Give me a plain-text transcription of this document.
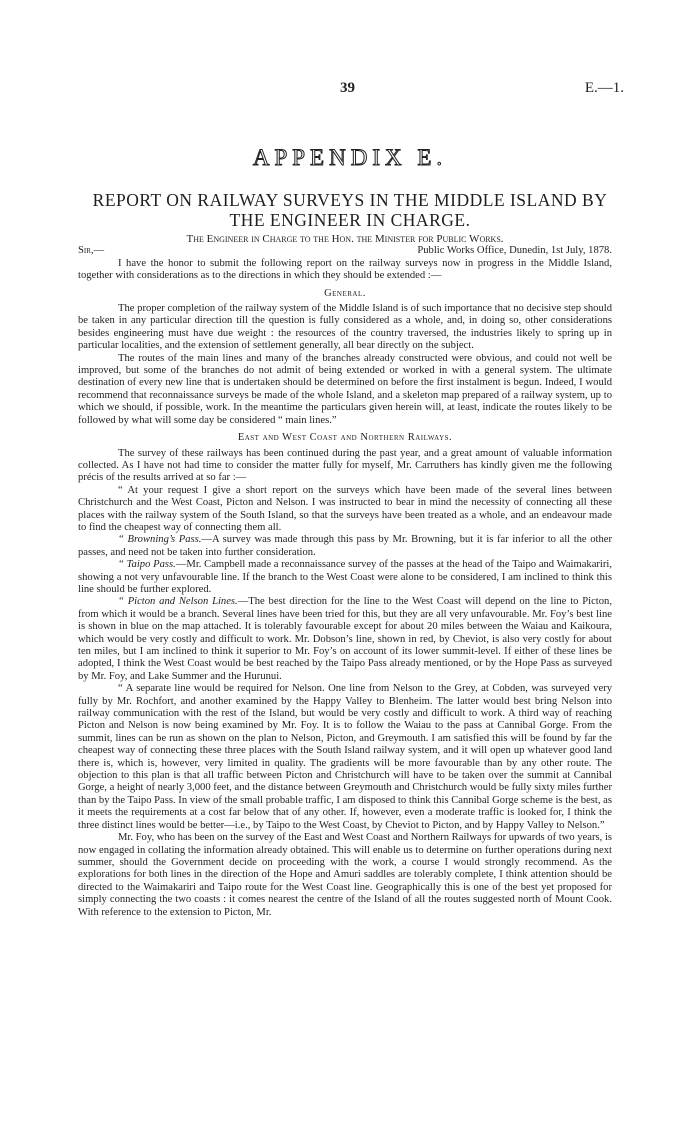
39	E.—1.
APPENDIX E.
REPORT ON RAILWAY SURVEYS IN THE MIDDLE ISLAND BY
THE ENGINEER IN CHARGE.

The Engineer in Charge to the Hon. the Minister for Public Works.

Sir,—	Public Works Office, Dunedin, 1st July, 1878.

I have the honor to submit the following report on the railway surveys now in progress in the Middle Island, together with considerations as to the directions in which they should be extended :—

General.

The proper completion of the railway system of the Middle Island is of such importance that no decisive step should be taken in any particular direction till the question is fully considered as a whole, and, in doing so, other considerations besides engineering must have due weight : the resources of the country traversed, the industries likely to spring up in particular localities, and the extension of settlement generally, all bear directly on the subject.

The routes of the main lines and many of the branches already constructed were obvious, and could not well be improved, but some of the branches do not admit of being extended or worked in with a general system. The ultimate destination of every new line that is undertaken should be determined on before the first instalment is begun. Indeed, I would recommend that reconnaissance surveys be made of the whole Island, and a skeleton map prepared of a railway system, up to which we should, if possible, work. In the meantime the particulars given herein will, at least, indicate the routes likely to be followed by what will some day be considered “ main lines.”

East and West Coast and Northern Railways.

The survey of these railways has been continued during the past year, and a great amount of valuable information collected. As I have not had time to consider the matter fully for myself, Mr. Carruthers has kindly given me the following précis of the results arrived at so far :—

“ At your request I give a short report on the surveys which have been made of the several lines between Christchurch and the West Coast, Picton and Nelson. I was instructed to bear in mind the necessity of connecting all these places with the railway system of the South Island, so that the surveys have been treated as a whole, and an endeavour made to find the cheapest way of connecting them all.

“ Browning’s Pass.—A survey was made through this pass by Mr. Browning, but it is far inferior to all the other passes, and need not be taken into further consideration.

“ Taipo Pass.—Mr. Campbell made a reconnaissance survey of the passes at the head of the Taipo and Waimakariri, showing a not very unfavourable line. If the branch to the West Coast were alone to be considered, I am inclined to think this line should be further explored.

“ Picton and Nelson Lines.—The best direction for the line to the West Coast will depend on the line to Picton, from which it would be a branch. Several lines have been tried for this, but they are all very unfavourable. Mr. Foy’s best line is shown in blue on the map attached. It is tolerably favourable except for about 20 miles between the Waiau and Kaikoura, which would be very costly and difficult to work. Mr. Dobson’s line, shown in red, by Cheviot, is also very costly for about ten miles, but I am inclined to think it superior to Mr. Foy’s on account of its lower summit-level. If either of these lines be adopted, I think the West Coast would be best reached by the Taipo Pass already mentioned, or by the Hope Pass as surveyed by Mr. Foy, and Lake Summer and the Hurunui.

“ A separate line would be required for Nelson. One line from Nelson to the Grey, at Cobden, was surveyed very fully by Mr. Rochfort, and another examined by the Happy Valley to Blenheim. The latter would best bring Nelson into railway communication with the rest of the Island, but would be very costly and difficult to work. A third way of reaching Picton and Nelson is now being examined by Mr. Foy. It is to follow the Waiau to the pass at Cannibal Gorge. From the summit, lines can be run as shown on the plan to Nelson, Picton, and Greymouth. I am satisfied this will be found by far the cheapest way of connecting these three places with the South Island railway system, and it will open up whatever good land there is, which is, however, very limited in quality. The gradients will be more favourable than by any other route. The objection to this plan is that all traffic between Picton and Christchurch will have to be taken over the summit at Cannibal Gorge, a height of nearly 3,000 feet, and the distance between Greymouth and Christchurch would be fully sixty miles further than by the Taipo Pass. In view of the small probable traffic, I am disposed to think this Cannibal Gorge scheme is the best, as it meets the requirements at a cost far below that of any other. If, however, even a moderate traffic is looked for, I think the three distinct lines would be better—i.e., by Taipo to the West Coast, by Cheviot to Picton, and by Happy Valley to Nelson.”

Mr. Foy, who has been on the survey of the East and West Coast and Northern Railways for upwards of two years, is now engaged in collating the information already obtained. This will enable us to determine on further operations during next summer, should the Government decide on proceeding with the work, a course I would strongly recommend. As the explorations for both lines in the direction of the Hope and Amuri saddles are tolerably complete, I think attention should be directed to the Waimakariri and Taipo route for the West Coast line. Geographically this is one of the best yet proposed for simply connecting the two coasts : it comes nearest the centre of the Island of all the routes suggested north of Mount Cook. With reference to the extension to Picton, Mr.
